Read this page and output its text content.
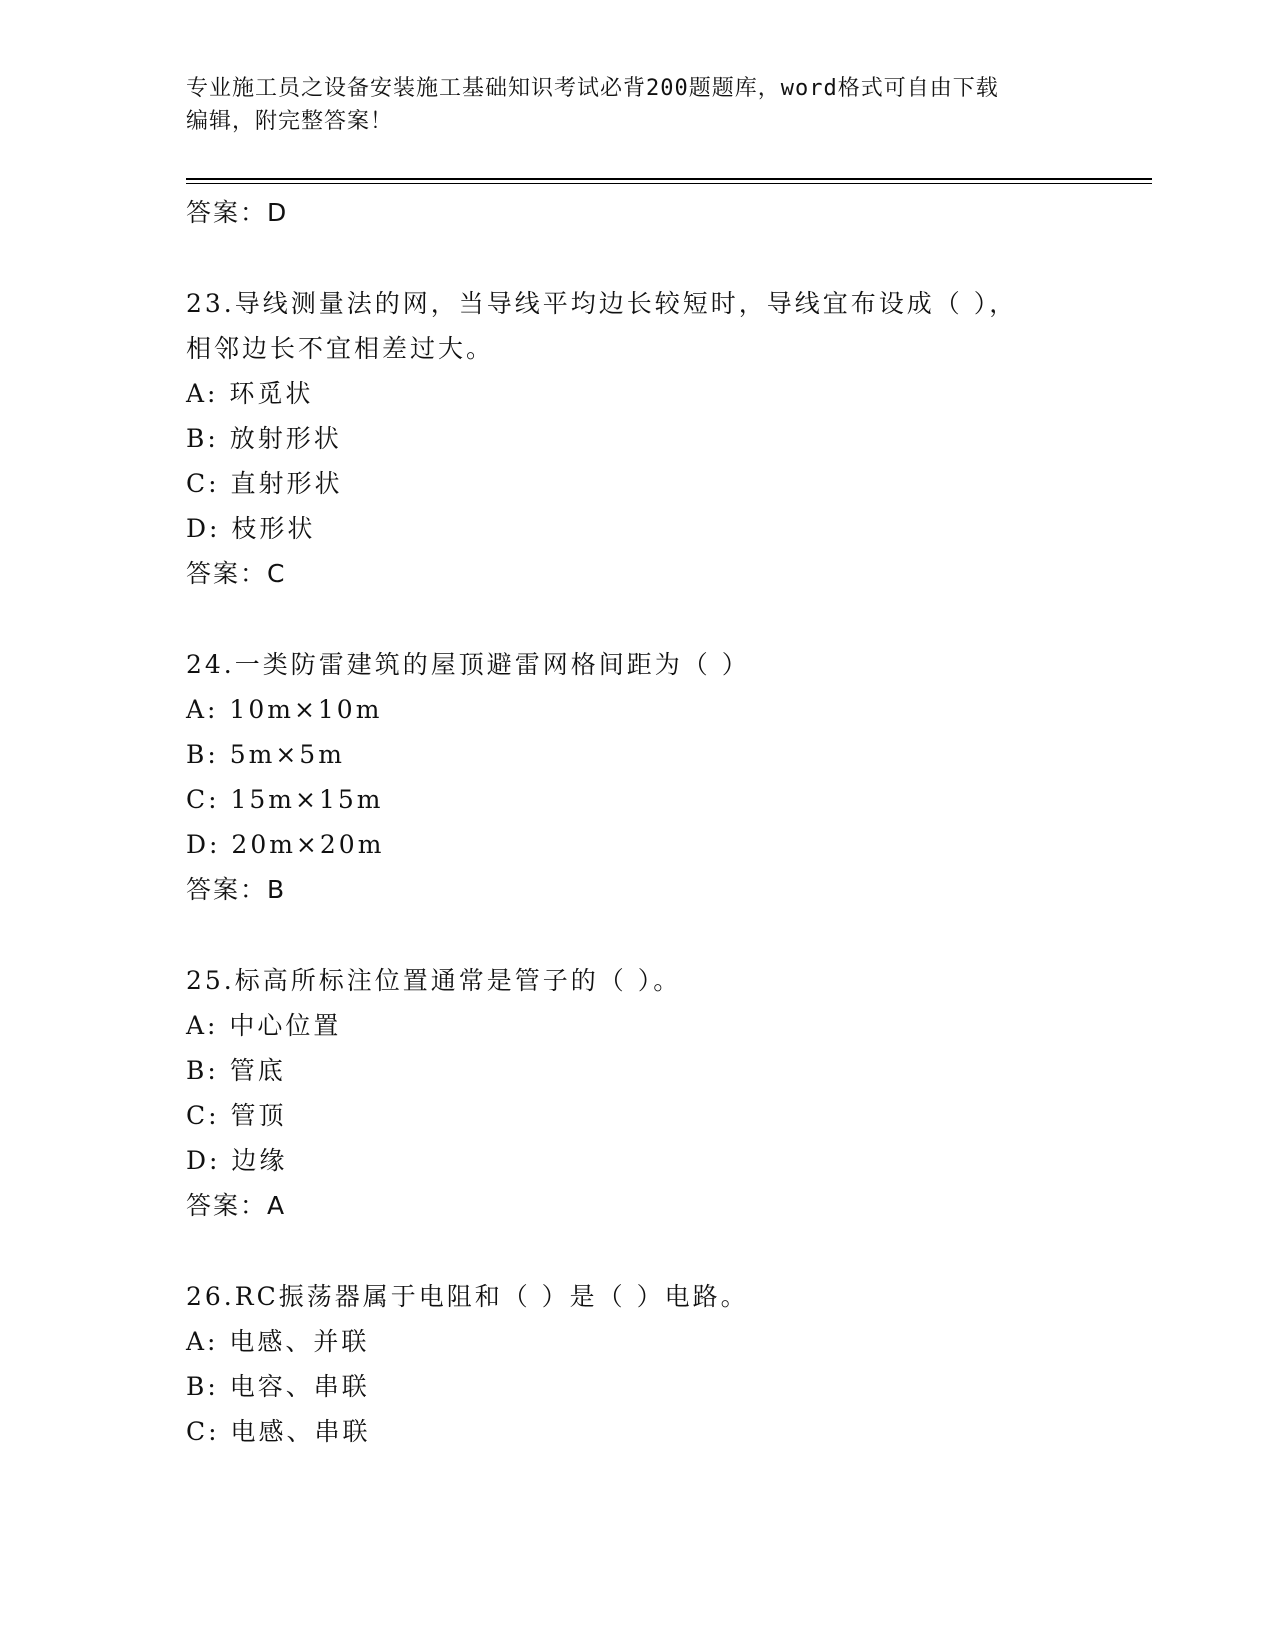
专业施工员之设备安装施工基础知识考试必背200题题库，word格式可自由下载
编辑，附完整答案！
答案：D
23.导线测量法的网，当导线平均边长较短时，导线宜布设成（ ），
相邻边长不宜相差过大。
A: 环觅状
B: 放射形状
C: 直射形状
D: 枝形状
答案：C
24.一类防雷建筑的屋顶避雷网格间距为（ ）
A: 10m×10m
B: 5m×5m
C: 15m×15m
D: 20m×20m
答案：B
25.标高所标注位置通常是管子的（ ）。
A: 中心位置
B: 管底
C: 管顶
D: 边缘
答案：A
26.RC振荡器属于电阻和（ ）是（ ）电路。
A: 电感、并联
B: 电容、串联
C: 电感、串联
